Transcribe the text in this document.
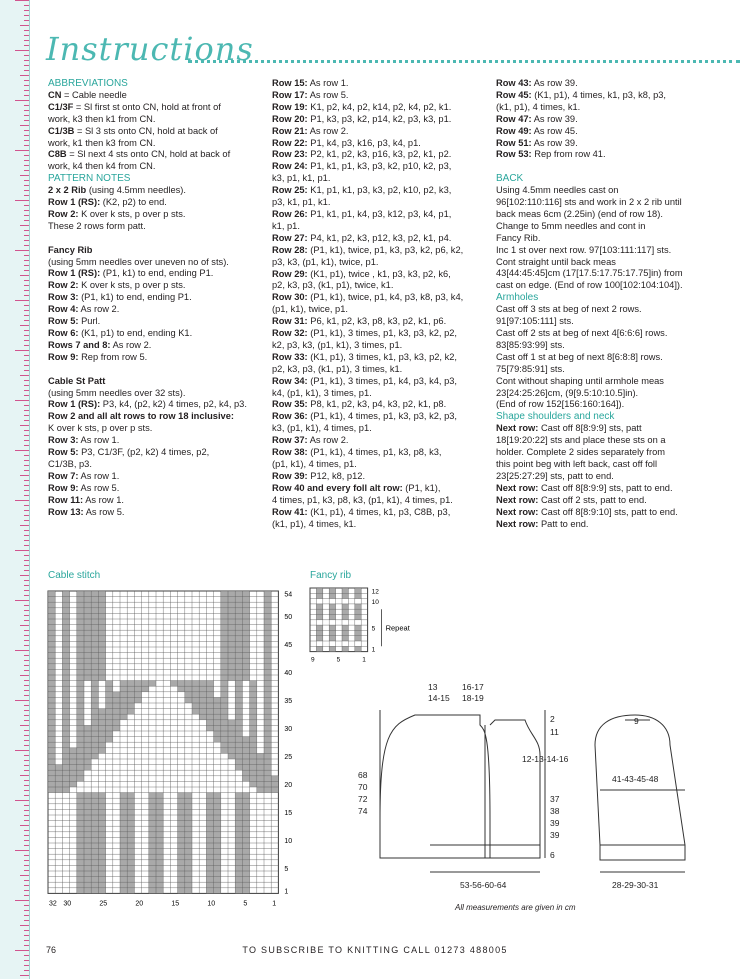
Instructions

ABBREVIATIONS

CN = Cable needle

C1/3F = Sl first st onto CN, hold at front of

work, k3 then k1 from CN.

C1/3B = Sl 3 sts onto CN, hold at back of

work, k1 then k3 from CN.

C8B = Sl next 4 sts onto CN, hold at back of

work, k4 then k4 from CN.

PATTERN NOTES

2 x 2 Rib (using 4.5mm needles).

Row 1 (RS): (K2, p2) to end.

Row 2: K over k sts, p over p sts.

These 2 rows form patt.

Fancy Rib

(using 5mm needles over uneven no of sts).

Row 1 (RS): (P1, k1) to end, ending P1.

Row 2: K over k sts, p over p sts.

Row 3: (P1, k1) to end, ending P1.

Row 4: As row 2.

Row 5: Purl.

Row 6: (K1, p1) to end, ending K1.

Rows 7 and 8: As row 2.

Row 9: Rep from row 5.

Cable St Patt

(using 5mm needles over 32 sts).

Row 1 (RS): P3, k4, (p2, k2) 4 times, p2, k4, p3.

Row 2 and all alt rows to row 18 inclusive:

K over k sts, p over p sts.

Row 3: As row 1.

Row 5: P3, C1/3F, (p2, k2) 4 times, p2,

C1/3B, p3.

Row 7: As row 1.

Row 9: As row 5.

Row 11: As row 1.

Row 13: As row 5.

Row 15: As row 1.

Row 17: As row 5.

Row 19: K1, p2, k4, p2, k14, p2, k4, p2, k1.

Row 20: P1, k3, p3, k2, p14, k2, p3, k3, p1.

Row 21: As row 2.

Row 22: P1, k4, p3, k16, p3, k4, p1.

Row 23: P2, k1, p2, k3, p16, k3, p2, k1, p2.

Row 24: P1, k1, p1, k3, p3, k2, p10, k2, p3,

k3, p1, k1, p1.

Row 25: K1, p1, k1, p3, k3, p2, k10, p2, k3,

p3, k1, p1, k1.

Row 26: P1, k1, p1, k4, p3, k12, p3, k4, p1,

k1, p1.

Row 27: P4, k1, p2, k3, p12, k3, p2, k1, p4.

Row 28: (P1, k1), twice, p1, k3, p3, k2, p6, k2,

p3, k3, (p1, k1), twice, p1.

Row 29: (K1, p1), twice , k1, p3, k3, p2, k6,

p2, k3, p3, (k1, p1), twice, k1.

Row 30: (P1, k1), twice, p1, k4, p3, k8, p3, k4,

(p1, k1), twice, p1.

Row 31: P6, k1, p2, k3, p8, k3, p2, k1, p6.

Row 32: (P1, k1), 3 times, p1, k3, p3, k2, p2,

k2, p3, k3, (p1, k1), 3 times, p1.

Row 33: (K1, p1), 3 times, k1, p3, k3, p2, k2,

p2, k3, p3, (k1, p1), 3 times, k1.

Row 34: (P1, k1), 3 times, p1, k4, p3, k4, p3,

k4, (p1, k1), 3 times, p1.

Row 35: P8, k1, p2, k3, p4, k3, p2, k1, p8.

Row 36: (P1, k1), 4 times, p1, k3, p3, k2, p3,

k3, (p1, k1), 4 times, p1.

Row 37: As row 2.

Row 38: (P1, k1), 4 times, p1, k3, p8, k3,

(p1, k1), 4 times, p1.

Row 39: P12, k8, p12.

Row 40 and every foll alt row: (P1, k1),

4 times, p1, k3, p8, k3, (p1, k1), 4 times, p1.

Row 41: (K1, p1), 4 times, k1, p3, C8B, p3,

(k1, p1), 4 times, k1.

Row 43: As row 39.

Row 45: (K1, p1), 4 times, k1, p3, k8, p3,

(k1, p1), 4 times, k1.

Row 47: As row 39.

Row 49: As row 45.

Row 51: As row 39.

Row 53: Rep from row 41.

BACK

Using 4.5mm needles cast on

96[102:110:116] sts and work in 2 x 2 rib until

back meas 6cm (2.25in) (end of row 18).

Change to 5mm needles and cont in

Fancy Rib.

Inc 1 st over next row. 97[103:111:117] sts.

Cont straight until back meas

43[44:45:45]cm (17[17.5:17.75:17.75]in) from

cast on edge. (End of row 100[102:104:104]).

Armholes

Cast off 3 sts at beg of next 2 rows.

91[97:105:111] sts.

Cast off 2 sts at beg of next 4[6:6:6] rows.

83[85:93:99] sts.

Cast off 1 st at beg of next 8[6:8:8] rows.

75[79:85:91] sts.

Cont without shaping until armhole meas

23[24:25:26]cm, (9[9.5:10:10.5]in).

(End of row 152[156:160:164]).

Shape shoulders and neck

Next row: Cast off 8[8:9:9] sts, patt

18[19:20:22] sts and place these sts on a

holder. Complete 2 sides separately from

this point beg with left back, cast off foll

23[25:27:29] sts, patt to end.

Next row: Cast off 8[8:9:9] sts, patt to end.

Next row: Cast off 2 sts, patt to end.

Next row: Cast off 8[8:9:10] sts, patt to end.

Next row: Patt to end.

Cable stitch	Fancy rib
54
50
45
40
35
30
25
20
15
10
5
1
32 30	25	20	15	10	5	1
12
10
5
1
9	5	1
Repeat
13
14-15
16-17
18-19
2
11
12-13-14-16
37
38
39
39
6
68
70
72
74
53-56-60-64
9
41-43-45-48
28-29-30-31
All measurements are given in cm
76	TO SUBSCRIBE TO KNITTING CALL 01273 488005
